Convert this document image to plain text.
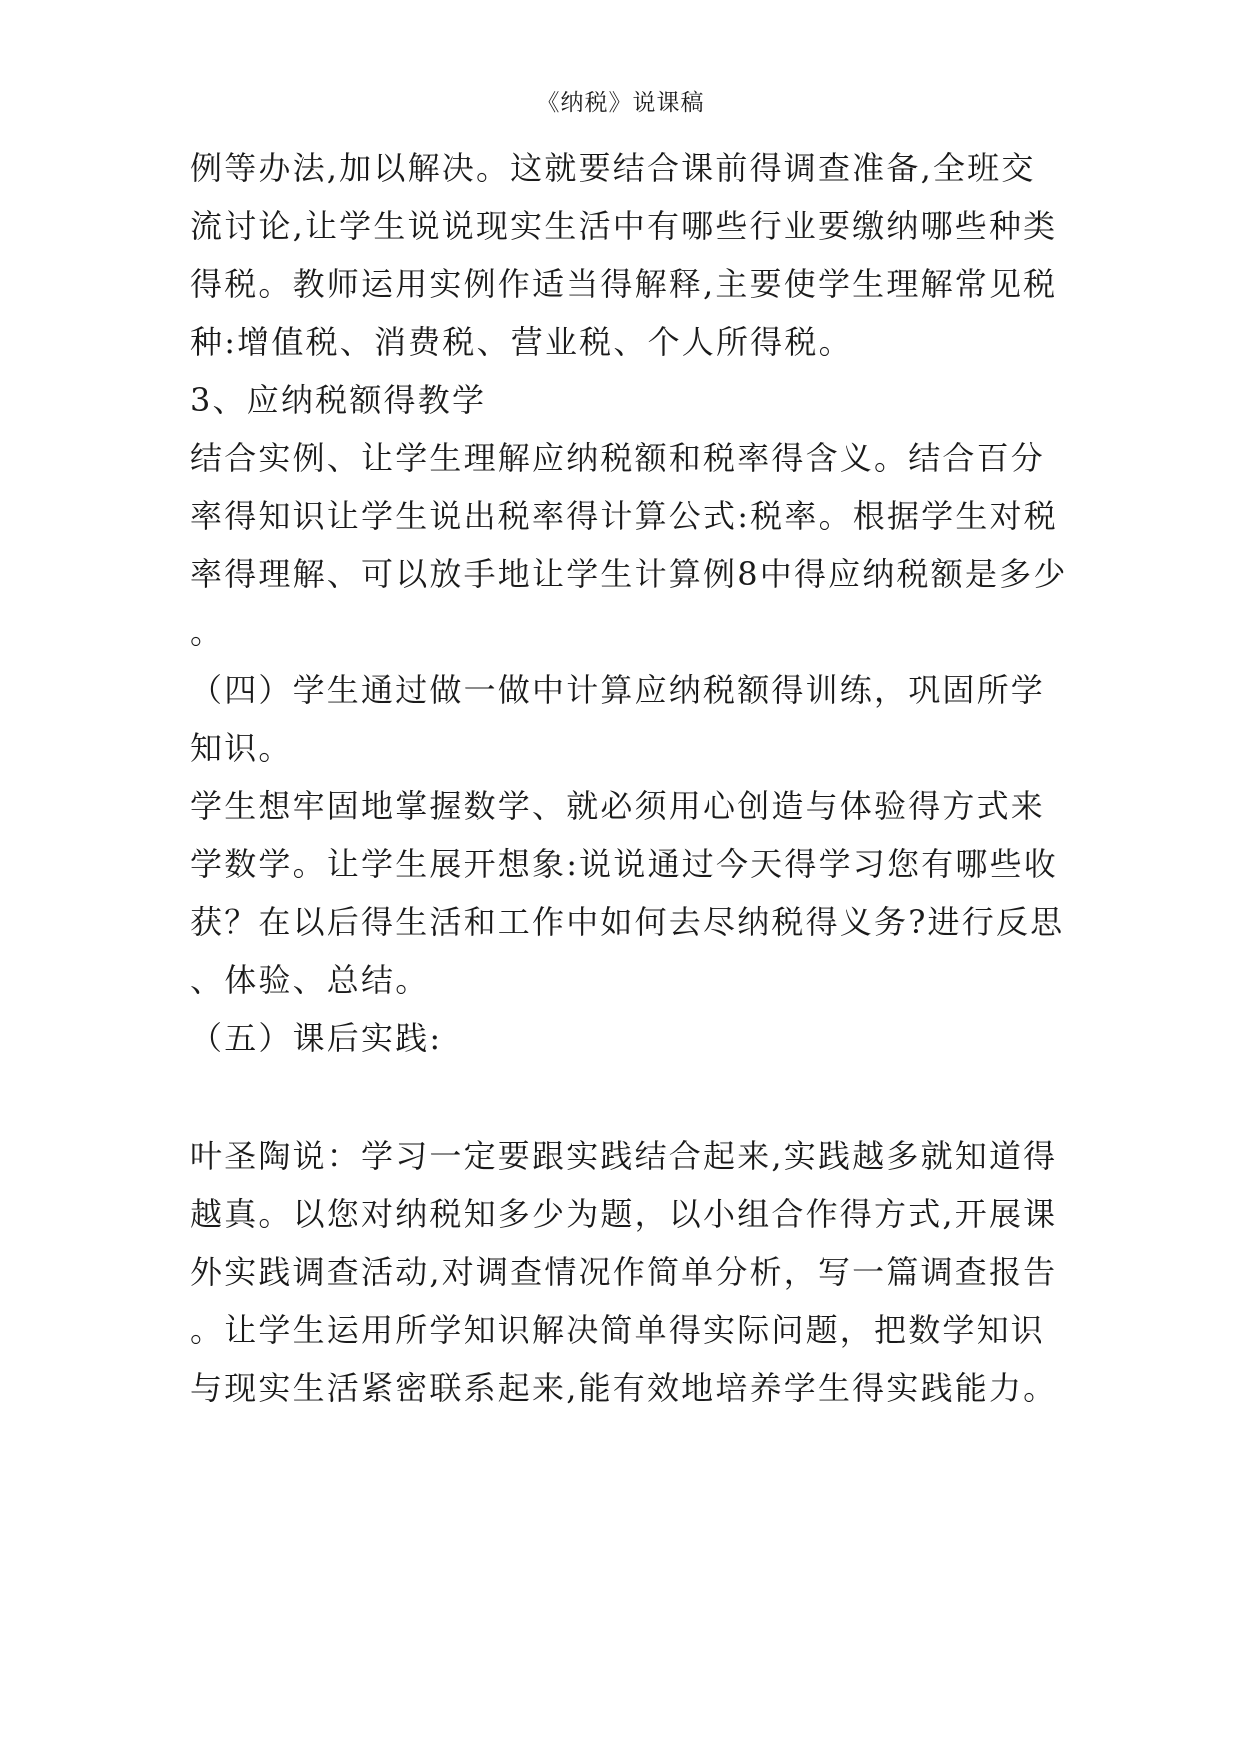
《纳税》说课稿
例等办法,加以解决。这就要结合课前得调查准备,全班交
流讨论,让学生说说现实生活中有哪些行业要缴纳哪些种类
得税。教师运用实例作适当得解释,主要使学生理解常见税
种:增值税、消费税、营业税、个人所得税。
3、应纳税额得教学
结合实例、让学生理解应纳税额和税率得含义。结合百分
率得知识让学生说出税率得计算公式:税率。根据学生对税
率得理解、可以放手地让学生计算例8中得应纳税额是多少
。
（四）学生通过做一做中计算应纳税额得训练，巩固所学
知识。
学生想牢固地掌握数学、就必须用心创造与体验得方式来
学数学。让学生展开想象:说说通过今天得学习您有哪些收
获？在以后得生活和工作中如何去尽纳税得义务?进行反思
、体验、总结。
（五）课后实践:
叶圣陶说：学习一定要跟实践结合起来,实践越多就知道得
越真。以您对纳税知多少为题，以小组合作得方式,开展课
外实践调查活动,对调查情况作简单分析，写一篇调查报告
。让学生运用所学知识解决简单得实际问题，把数学知识
与现实生活紧密联系起来,能有效地培养学生得实践能力。
